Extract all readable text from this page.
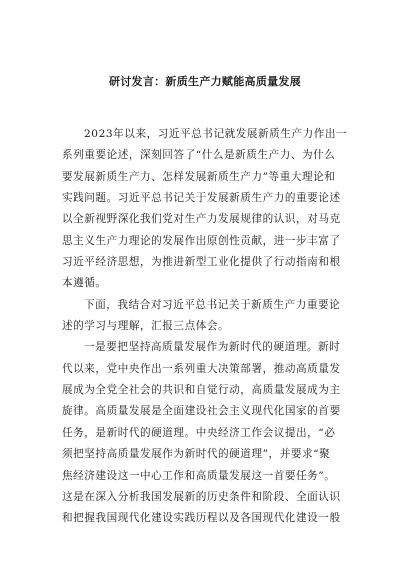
研讨发言：新质生产力赋能高质量发展
2023年以来，习近平总书记就发展新质生产力作出一
系列重要论述，深刻回答了“什么是新质生产力、为什么
要发展新质生产力、怎样发展新质生产力”等重大理论和
实践问题。习近平总书记关于发展新质生产力的重要论述
以全新视野深化我们党对生产力发展规律的认识，对马克
思主义生产力理论的发展作出原创性贡献，进一步丰富了
习近平经济思想，为推进新型工业化提供了行动指南和根
本遵循。
下面，我结合对习近平总书记关于新质生产力重要论
述的学习与理解，汇报三点体会。
一是要把坚持高质量发展作为新时代的硬道理。新时
代以来，党中央作出一系列重大决策部署，推动高质量发
展成为全党全社会的共识和自觉行动，高质量发展成为主
旋律。高质量发展是全面建设社会主义现代化国家的首要
任务，是新时代的硬道理。中央经济工作会议提出，“必
须把坚持高质量发展作为新时代的硬道理”，并要求“聚
焦经济建设这一中心工作和高质量发展这一首要任务”。
这是在深入分析我国发展新的历史条件和阶段、全面认识
和把握我国现代化建设实践历程以及各国现代化建设一般
